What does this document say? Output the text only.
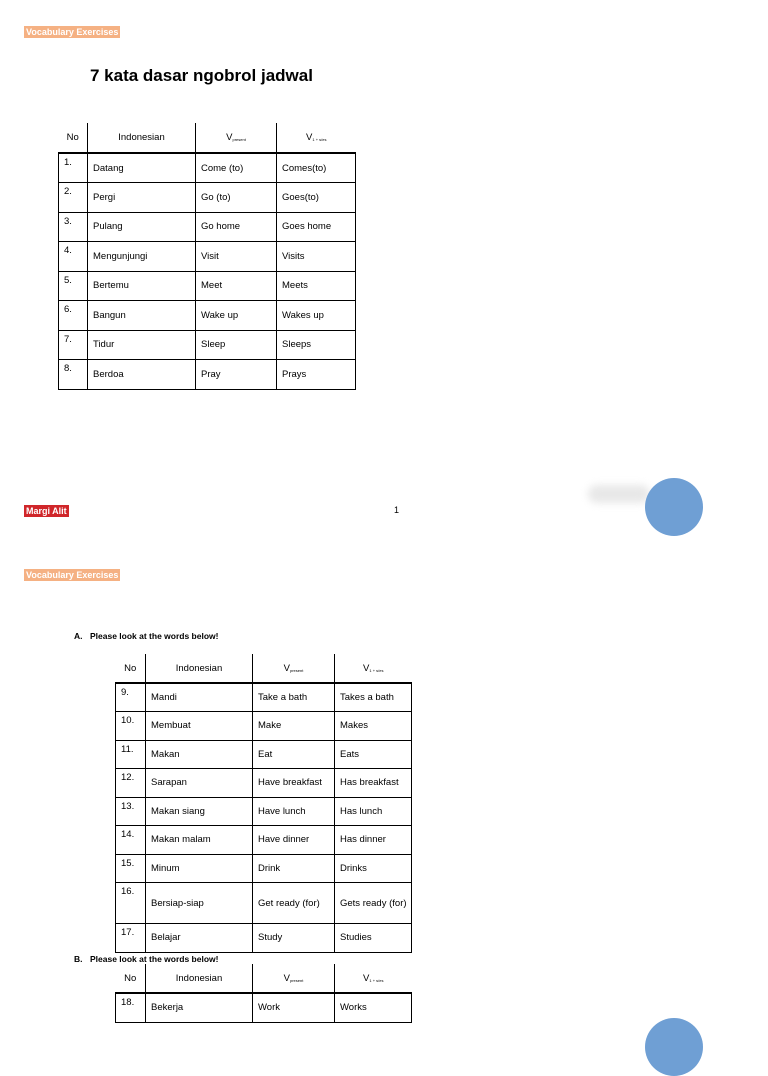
Vocabulary Exercises
7 kata dasar ngobrol jadwal
No	Indonesian	$V_{present}$	$V_{1 + s/es}$
1.	Datang	Come (to)	Comes(to)
2.	Pergi	Go (to)	Goes(to)
3.	Pulang	Go home	Goes home
4.	Mengunjungi	Visit	Visits
5.	Bertemu	Meet	Meets
6.	Bangun	Wake up	Wakes up
7.	Tidur	Sleep	Sleeps
8.	Berdoa	Pray	Prays
Margi Alit	1
Vocabulary Exercises
A. Please look at the words below!
No	Indonesian	$V_{present}$	$V_{1 + s/es}$
9.	Mandi	Take a bath	Takes a bath
10.	Membuat	Make	Makes
11.	Makan	Eat	Eats
12.	Sarapan	Have breakfast	Has breakfast
13.	Makan siang	Have lunch	Has lunch
14.	Makan malam	Have dinner	Has dinner
15.	Minum	Drink	Drinks
16.	Bersiap-siap	Get ready (for)	Gets ready (for)
17.	Belajar	Study	Studies
B. Please look at the words below!
No	Indonesian	$V_{present}$	$V_{1 + s/es}$
18.	Bekerja	Work	Works
